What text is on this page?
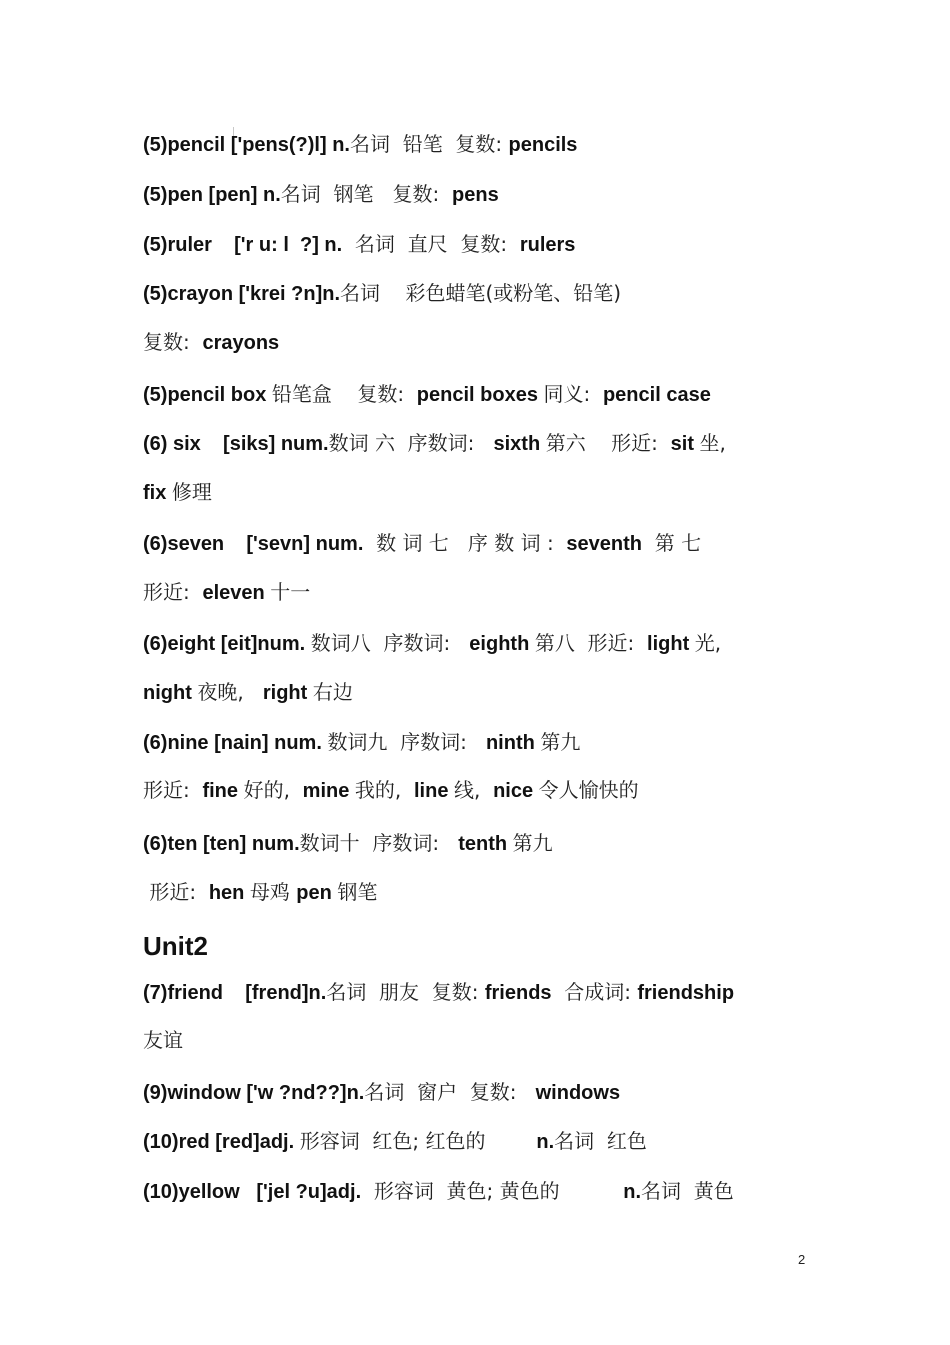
(5)pencil ['pens(?)l] n.名词  铅笔  复数: pencils
(5)pen [pen] n.名词  钢笔   复数:  pens
(5)ruler    ['r u: l  ?] n.  名词  直尺  复数:  rulers
(5)crayon ['krei ?n]n.名词    彩色蜡笔(或粉笔、铅笔)
复数:  crayons
(5)pencil box 铅笔盒    复数:  pencil boxes 同义:  pencil case
(6) six    [siks] num.数词 六  序数词:   sixth 第六    形近:  sit 坐,
fix 修理
(6)seven    ['sevn] num.  数 词 七   序 数 词 :  seventh  第 七
形近:  eleven 十一
(6)eight [eit]num. 数词八  序数词:   eighth 第八  形近:  light 光,
night 夜晚,   right 右边
(6)nine [nain] num. 数词九  序数词:   ninth 第九
形近:  fine 好的,  mine 我的,  line 线,  nice 令人愉快的
(6)ten [ten] num.数词十  序数词:   tenth 第九
形近:  hen 母鸡 pen 钢笔
(7)friend    [frend]n.名词  朋友  复数: friends  合成词: friendship
友谊
(9)window ['w ?nd??]n.名词  窗户  复数:   windows
(10)red [red]adj. 形容词  红色; 红色的        n.名词  红色
(10)yellow   ['jel ?u]adj.  形容词  黄色; 黄色的          n.名词  黄色
Unit2
2
